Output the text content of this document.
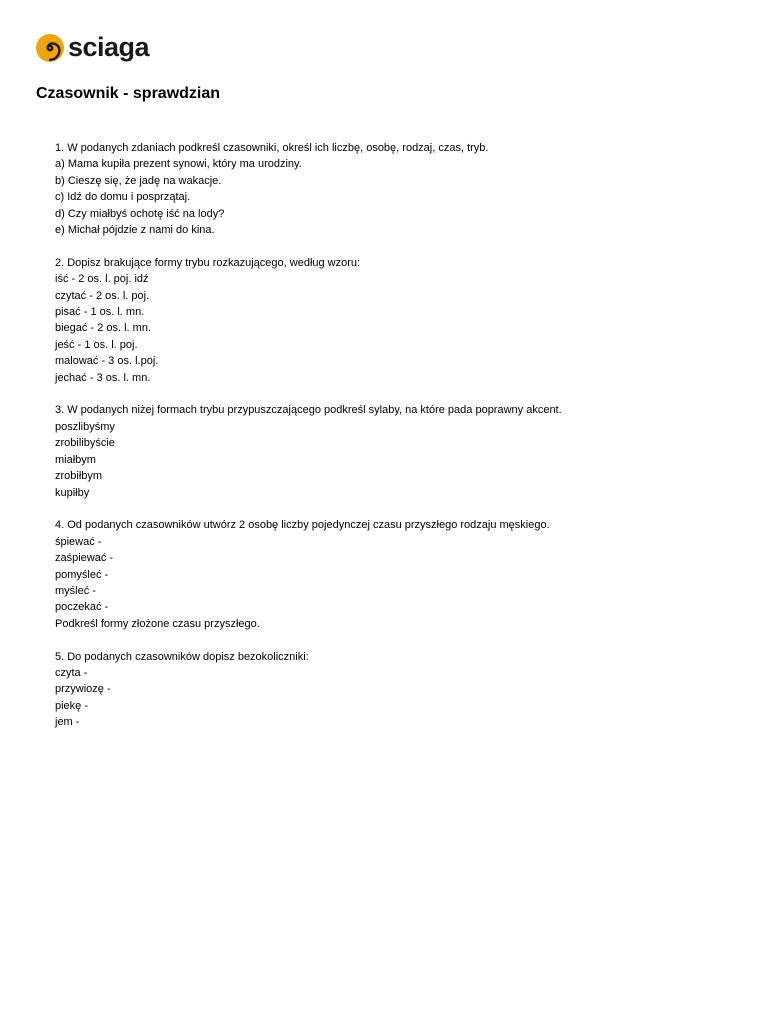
sciaga
Czasownik - sprawdzian
1. W podanych zdaniach podkreśl czasowniki, określ ich liczbę, osobę, rodzaj, czas, tryb.
a) Mama kupiła prezent synowi, który ma urodziny.
b) Cieszę się, że jadę na wakacje.
c) Idź do domu i posprzątaj.
d) Czy miałbyś ochotę iść na lody?
e) Michał pójdzie z nami do kina.
2. Dopisz brakujące formy trybu rozkazującego, według wzoru:
iść - 2 os. l. poj. idź
czytać - 2 os. l. poj.
pisać - 1 os. l. mn.
biegać - 2 os. l. mn.
jeść - 1 os. l. poj.
malować - 3 os. l.poj.
jechać - 3 os. l. mn.
3. W podanych niżej formach trybu przypuszczającego podkreśl sylaby, na które pada poprawny akcent.
poszlibyśmy
zrobilibyście
miałbym
zrobiłbym
kupiłby
4. Od podanych czasowników utwórz 2 osobę liczby pojedynczej czasu przyszłego rodzaju męskiego.
śpiewać -
zaśpiewać -
pomyśleć -
myśleć -
poczekać -
Podkreśl formy złożone czasu przyszłego.
5. Do podanych czasowników dopisz bezokoliczniki:
czyta -
przywiozę -
piekę -
jem -
